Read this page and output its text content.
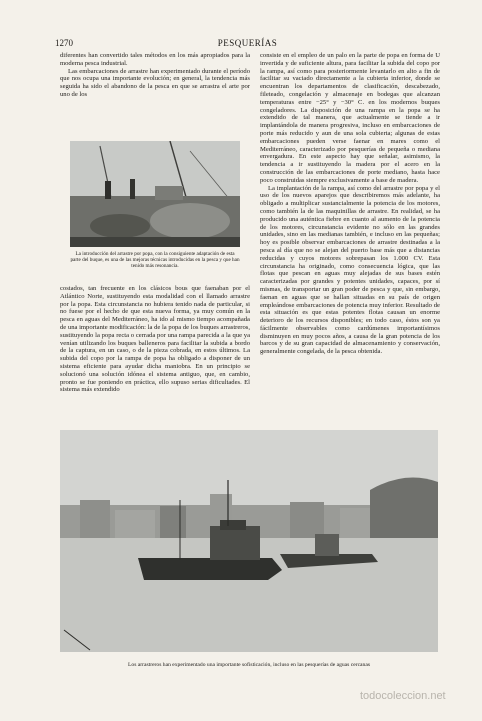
1270	PESQUERÍAS

diferentes han convertido tales métodos en los más apropiados para la moderna pesca industrial.

Las embarcaciones de arrastre han experimentado durante el período que nos ocupa una importante evolución; en general, la tendencia más seguida ha sido el abandono de la pesca en que se arrastra el arte por uno de los

La introducción del arrastre por popa, con la consiguiente adaptación de esta parte del buque, es una de las mejoras técnicas introducidas en la pesca y que han tenido más resonancia.

costados, tan frecuente en los clásicos bous que faenaban por el Atlántico Norte, sustituyendo esta modalidad con el llamado arrastre por la popa. Esta circunstancia no hubiera tenido nada de particular, si no fuese por el hecho de que esta nueva forma, ya muy común en la pesca en aguas del Mediterráneo, ha ido al mismo tiempo acompañada de una importante modificación: la de la popa de los buques arrastreros, sustituyendo la popa recta o cerrada por una rampa parecida a la que ya venían utilizando los buques balleneros para facilitar la subida a bordo de la captura, en un caso, o de la pieza cobrada, en estos últimos. La subida del copo por la rampa de popa ha obligado a disponer de un sistema eficiente para ayudar dicha maniobra. En un principio se solucionó una solución idónea el sistema antiguo, que, en cambio, pronto se fue poniendo en práctica, ello supuso serias dificultades. El sistema más extendido

consiste en el empleo de un palo en la parte de popa en forma de U invertida y de suficiente altura, para facilitar la subida del copo por la rampa, así como para posteriormente levantarlo en alto a fin de facilitar su vaciado directamente a la cubierta inferior, donde se encuentran los departamentos de clasificación, descabezado, fileteado, congelación y almacenaje en bodegas que alcanzan temperaturas entre −25° y −30° C. en los modernos buques congeladores. La disposición de una rampa en la popa se ha extendido de tal manera, que actualmente se tiende a ir implantándola de manera progresiva, incluso en embarcaciones de porte más reducido y aun de una sola cubierta; algunas de estas embarcaciones pueden verse faenar en mares como el Mediterráneo, caracterizado por pesquerías de pequeña o mediana envergadura. En este aspecto hay que señalar, asimismo, la tendencia a ir sustituyendo la madera por el acero en la construcción de las embarcaciones de porte mediano, hasta hace poco construidas siempre exclusivamente a base de madera.

La implantación de la rampa, así como del arrastre por popa y el uso de los nuevos aparejos que describiremos más adelante, ha obligado a multiplicar sustancialmente la potencia de los motores, como también la de las maquinillas de arrastre. En realidad, se ha producido una auténtica fiebre en cuanto al aumento de la potencia de los motores, circunstancia evidente no sólo en las grandes unidades, sino en las medianas también, e incluso en las pequeñas; hoy es posible observar embarcaciones de arrastre destinadas a la pesca al día que no se alejan del puerto base más que a distancias reducidas y cuyos motores sobrepasan los 1.000 CV. Esta circunstancia ha originado, como consecuencia lógica, que las flotas que pescan en aguas muy alejadas de sus bases estén caracterizadas por grandes y potentes unidades, capaces, por sí mismas, de transportar un gran poder de pesca y que, sin embargo, faenan en aguas que se hallan situadas en su país de origen empleándose embarcaciones de potencia muy inferior. Resultado de esta situación es que estas potentes flotas causan un enorme deterioro de los recursos disponibles; en todo caso, éstos son ya fácilmente observables como cardúmenes importantísimos disminuyen en muy pocos años, a causa de la gran potencia de los barcos y de su gran capacidad de almacenamiento y conservación, generalmente congelada, de la pesca obtenida.

Los arrastreros han experimentado una importante sofisticación, incluso en las pesquerías de aguas cercanas
todocoleccion.net
